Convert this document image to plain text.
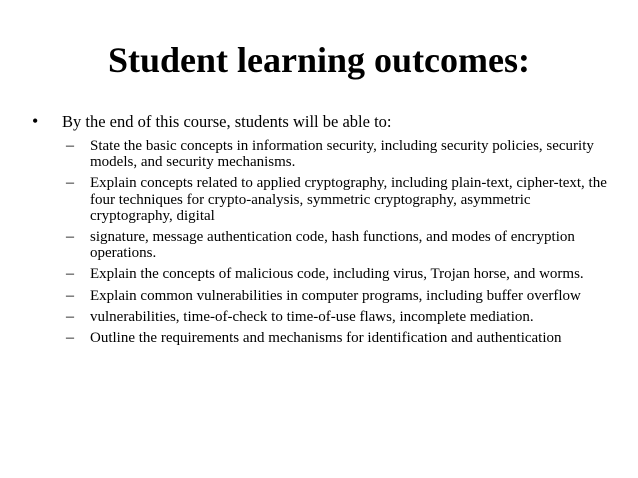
Student learning outcomes:
• By the end of this course, students will be able to:
– State the basic concepts in information security, including security policies, security models, and security mechanisms.
– Explain concepts related to applied cryptography, including plain-text, cipher-text, the four techniques for crypto-analysis, symmetric cryptography, asymmetric cryptography, digital
– signature, message authentication code, hash functions, and modes of encryption operations.
– Explain the concepts of malicious code, including virus, Trojan horse, and worms.
– Explain common vulnerabilities in computer programs, including buffer overflow
– vulnerabilities, time-of-check to time-of-use flaws, incomplete mediation.
– Outline the requirements and mechanisms for identification and authentication
